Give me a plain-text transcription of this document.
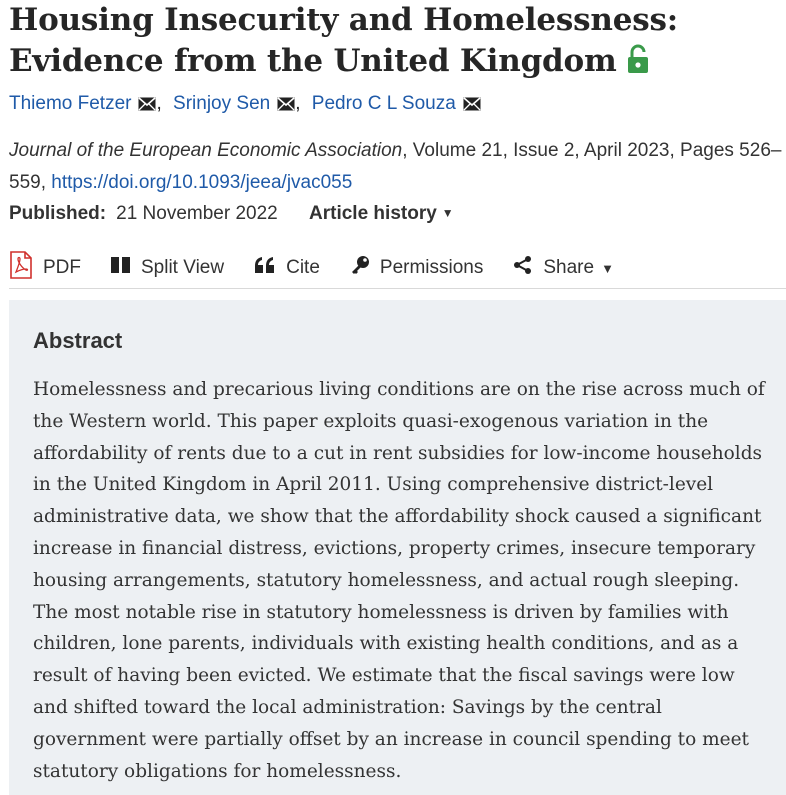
Housing Insecurity and Homelessness: Evidence from the United Kingdom
Thiemo Fetzer , Srinjoy Sen , Pedro C L Souza
Journal of the European Economic Association, Volume 21, Issue 2, April 2023, Pages 526–559, https://doi.org/10.1093/jeea/jvac055
Published: 21 November 2022 Article history ▼
PDF	Split View	Cite	Permissions	Share ▼
Abstract

Homelessness and precarious living conditions are on the rise across much of the Western world. This paper exploits quasi-exogenous variation in the affordability of rents due to a cut in rent subsidies for low-income households in the United Kingdom in April 2011. Using comprehensive district-level administrative data, we show that the affordability shock caused a significant increase in financial distress, evictions, property crimes, insecure temporary housing arrangements, statutory homelessness, and actual rough sleeping. The most notable rise in statutory homelessness is driven by families with children, lone parents, individuals with existing health conditions, and as a result of having been evicted. We estimate that the fiscal savings were low and shifted toward the local administration: Savings by the central government were partially offset by an increase in council spending to meet statutory obligations for homelessness.
